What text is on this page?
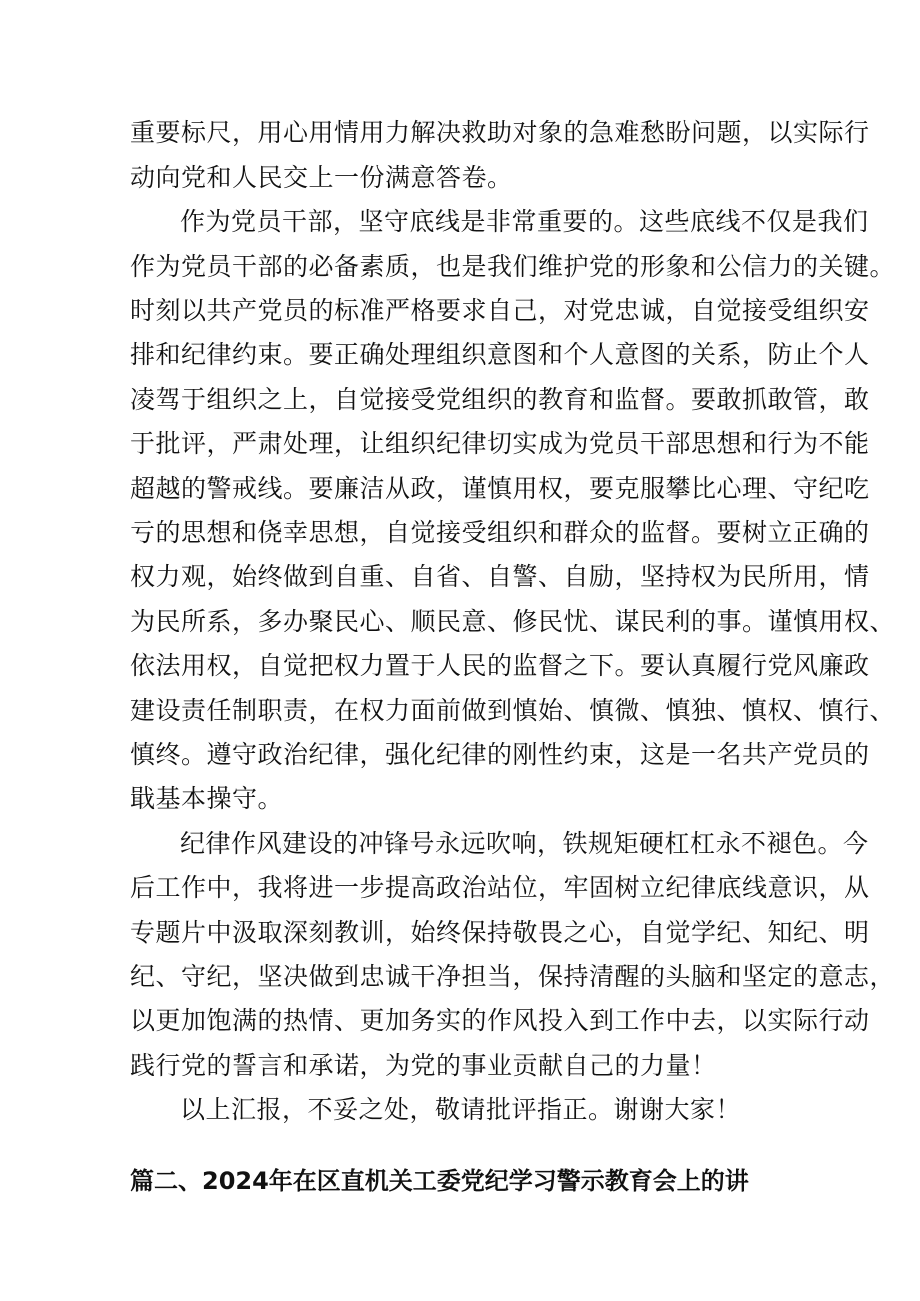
重要标尺，用心用情用力解决救助对象的急难愁盼问题，以实际行
动向党和人民交上一份满意答卷。
作为党员干部，坚守底线是非常重要的。这些底线不仅是我们
作为党员干部的必备素质，也是我们维护党的形象和公信力的关键。
时刻以共产党员的标准严格要求自己，对党忠诚，自觉接受组织安
排和纪律约束。要正确处理组织意图和个人意图的关系，防止个人
凌驾于组织之上，自觉接受党组织的教育和监督。要敢抓敢管，敢
于批评，严肃处理，让组织纪律切实成为党员干部思想和行为不能
超越的警戒线。要廉洁从政，谨慎用权，要克服攀比心理、守纪吃
亏的思想和侥幸思想，自觉接受组织和群众的监督。要树立正确的
权力观，始终做到自重、自省、自警、自励，坚持权为民所用，情
为民所系，多办聚民心、顺民意、修民忧、谋民利的事。谨慎用权、
依法用权，自觉把权力置于人民的监督之下。要认真履行党风廉政
建设责任制职责，在权力面前做到慎始、慎微、慎独、慎权、慎行、
慎终。遵守政治纪律，强化纪律的刚性约束，这是一名共产党员的
戢基本操守。
纪律作风建设的冲锋号永远吹响，铁规矩硬杠杠永不褪色。今
后工作中，我将进一步提高政治站位，牢固树立纪律底线意识，从
专题片中汲取深刻教训，始终保持敬畏之心，自觉学纪、知纪、明
纪、守纪，坚决做到忠诚干净担当，保持清醒的头脑和坚定的意志，
以更加饱满的热情、更加务实的作风投入到工作中去，以实际行动
践行党的誓言和承诺，为党的事业贡献自己的力量！
以上汇报，不妥之处，敬请批评指正。谢谢大家！
篇二、2024年在区直机关工委党纪学习警示教育会上的讲
